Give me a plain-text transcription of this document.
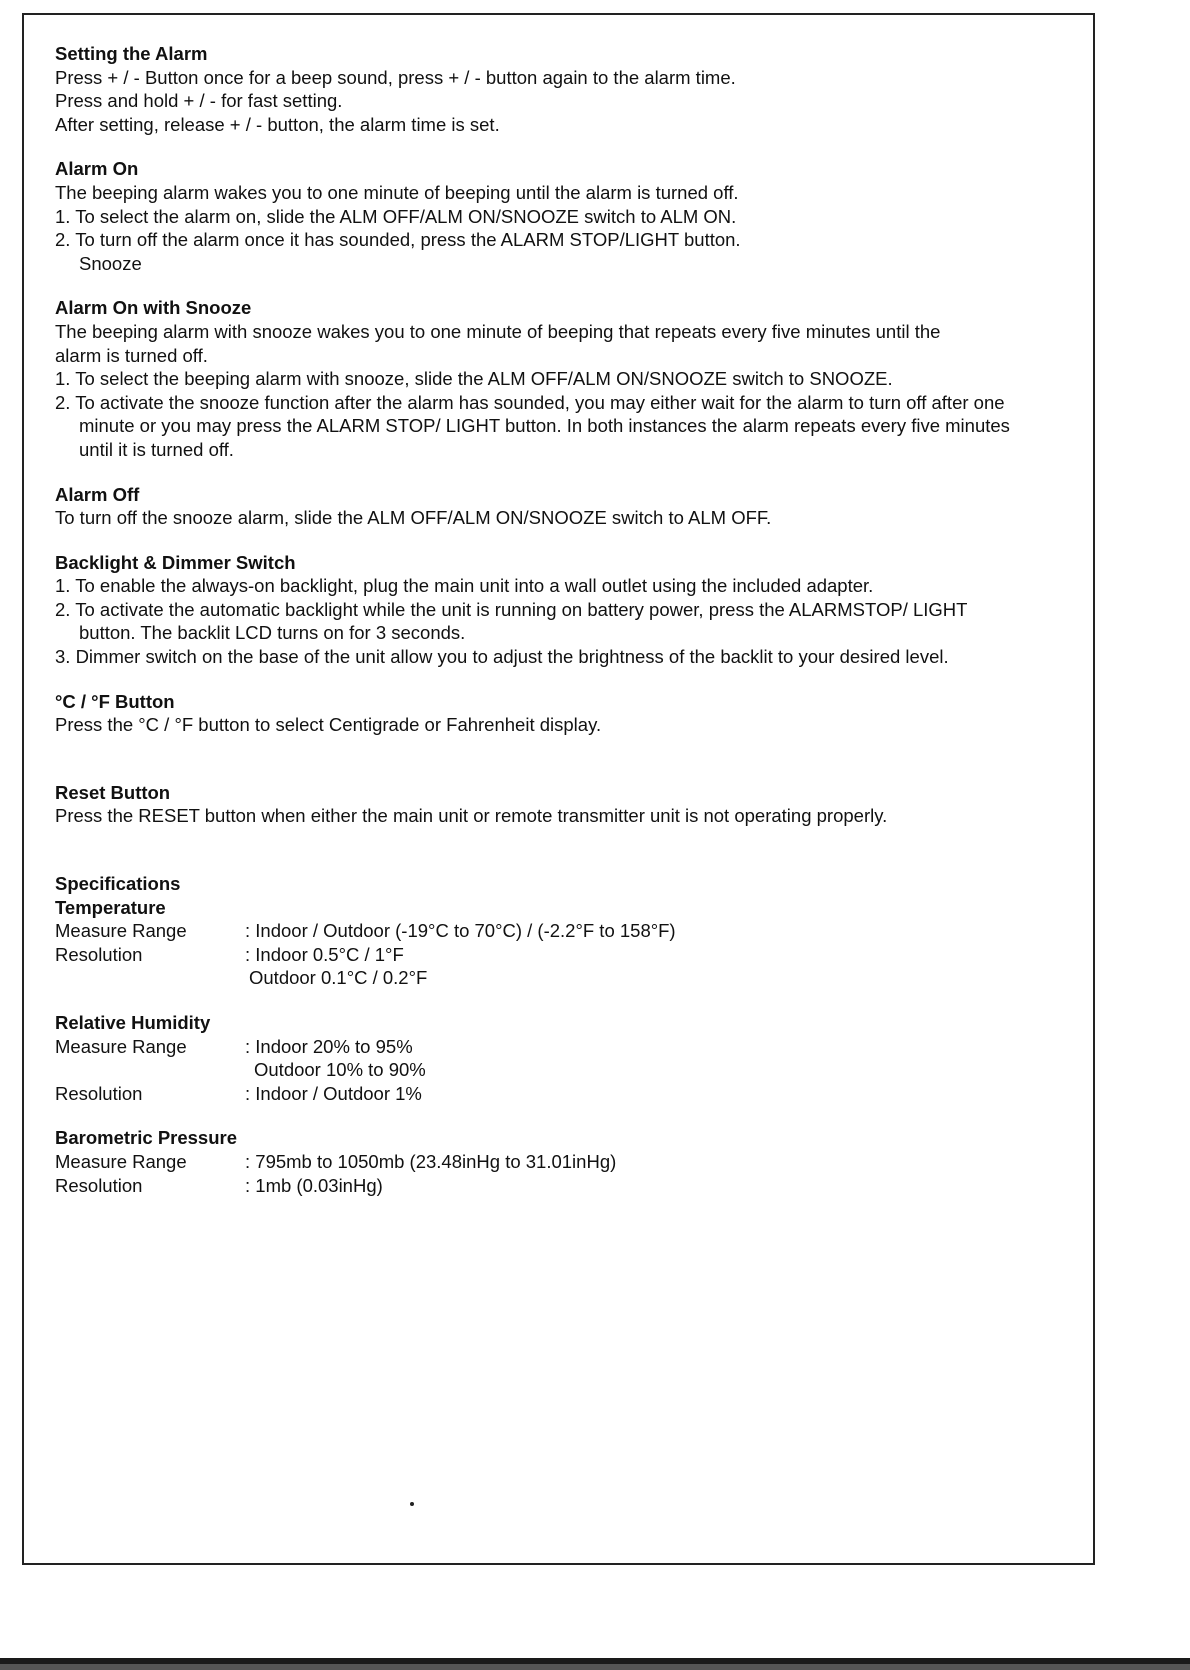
Setting the Alarm

Press + / - Button once for a beep sound, press + / - button again to the alarm time.

Press and hold + / - for fast setting.

After setting, release + / - button, the alarm time is set.

Alarm On

The beeping alarm wakes you to one minute of beeping until the alarm is turned off.

1. To select the alarm on, slide the ALM OFF/ALM ON/SNOOZE switch to ALM ON.

2. To turn off the alarm once it has sounded, press the ALARM STOP/LIGHT button.

Snooze

Alarm On with Snooze

The beeping alarm with snooze wakes you to one minute of beeping that repeats every five minutes until the alarm is turned off.

1. To select the beeping alarm with snooze, slide the ALM OFF/ALM ON/SNOOZE switch to SNOOZE.

2. To activate the snooze function after the alarm has sounded, you may either wait for the alarm to turn off after one minute or you may press the ALARM STOP/ LIGHT button. In both instances the alarm repeats every five minutes until it is turned off.

Alarm Off

To turn off the snooze alarm, slide the ALM OFF/ALM ON/SNOOZE switch to ALM OFF.

Backlight & Dimmer Switch

1. To enable the always-on backlight, plug the main unit into a wall outlet using the included adapter.

2. To activate the automatic backlight while the unit is running on battery power, press the ALARMSTOP/ LIGHT button. The backlit LCD turns on for 3 seconds.

3. Dimmer switch on the base of the unit allow you to adjust the brightness of the backlit to your desired level.

°C / °F Button

Press the °C / °F button to select Centigrade or Fahrenheit display.

Reset Button

Press the RESET button when either the main unit or remote transmitter unit is not operating properly.

Specifications

Temperature

Measure Range	: Indoor / Outdoor (-19°C to 70°C) / (-2.2°F to 158°F)
Resolution	: Indoor 0.5°C / 1°F

Outdoor 0.1°C / 0.2°F

Relative Humidity

Measure Range	: Indoor 20% to 95%

Outdoor 10% to 90%

Resolution	: Indoor / Outdoor 1%

Barometric Pressure

Measure Range	: 795mb to 1050mb (23.48inHg to 31.01inHg)
Resolution	: 1mb (0.03inHg)
